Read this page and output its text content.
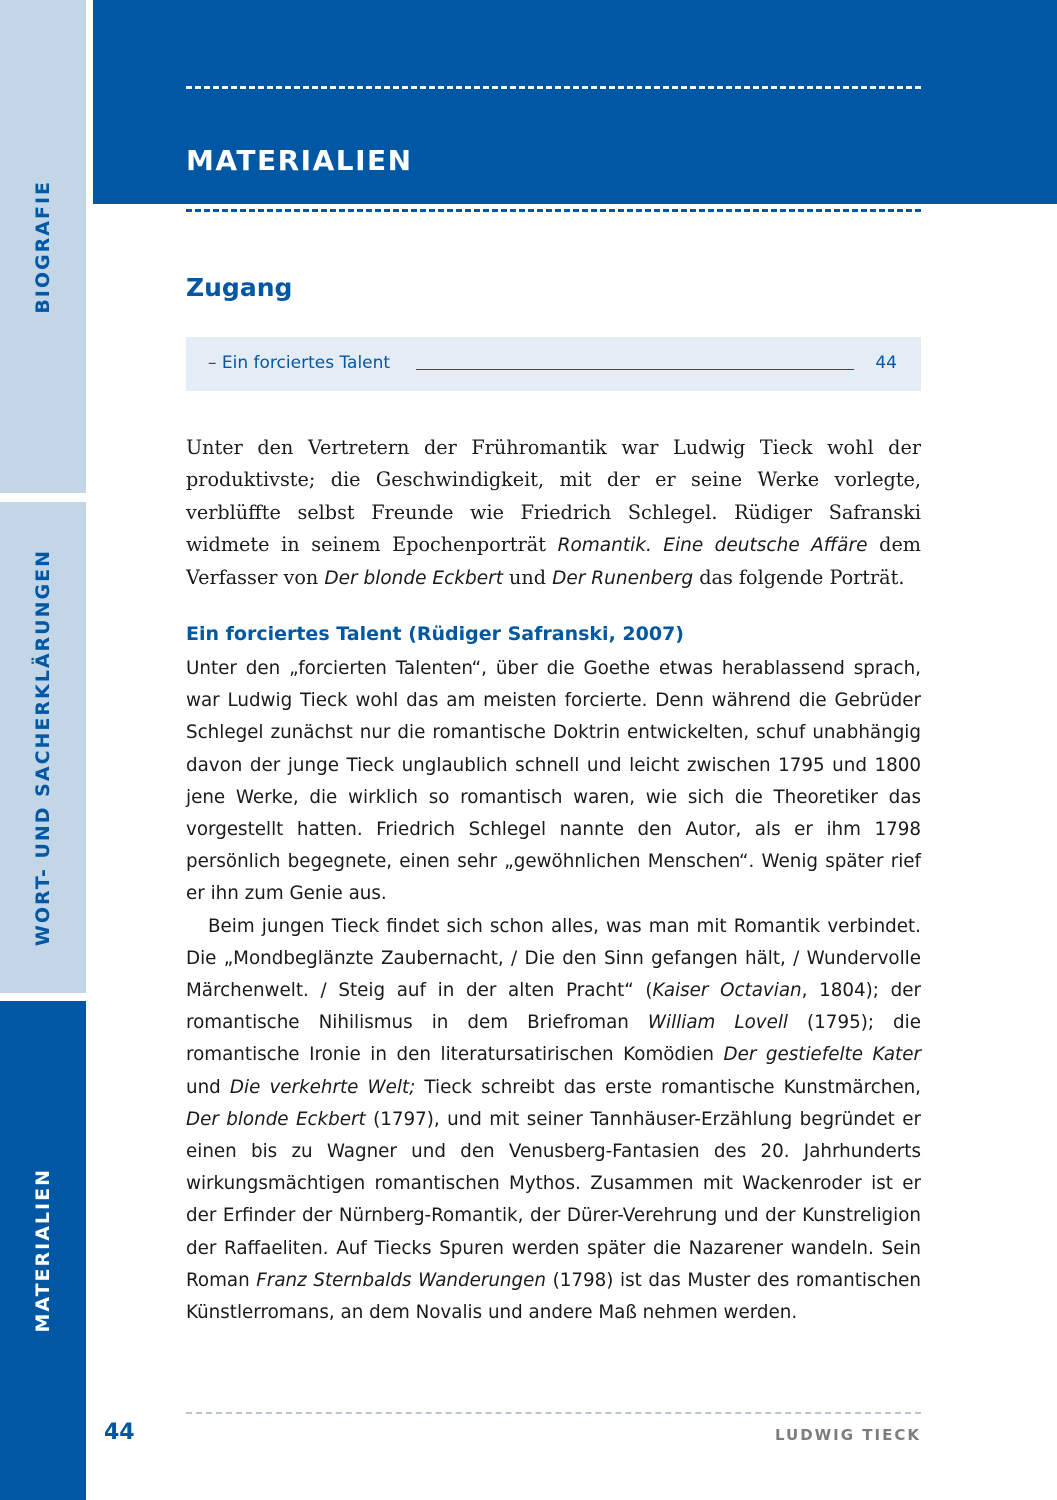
BIOGRAFIE
WORT- UND SACHERKLÄRUNGEN
MATERIALIEN
MATERIALIEN
Zugang
– Ein forciertes Talent	44
Unter den Vertretern der Frühromantik war Ludwig Tieck wohl der produktivste; die Geschwindigkeit, mit der er seine Werke vorlegte, verblüffte selbst Freunde wie Friedrich Schlegel. Rüdiger Safranski widmete in seinem Epochenporträt Romantik. Eine deutsche Affäre dem Verfasser von Der blonde Eckbert und Der Runenberg das folgende Porträt.
Ein forciertes Talent (Rüdiger Safranski, 2007)

Unter den „forcierten Talenten“, über die Goethe etwas herablassend sprach, war Ludwig Tieck wohl das am meisten forcierte. Denn während die Gebrüder Schlegel zunächst nur die romantische Doktrin entwickelten, schuf unabhängig davon der junge Tieck unglaublich schnell und leicht zwischen 1795 und 1800 jene Werke, die wirklich so romantisch waren, wie sich die Theoretiker das vorgestellt hatten. Friedrich Schlegel nannte den Autor, als er ihm 1798 persönlich begegnete, einen sehr „gewöhnlichen Menschen“. Wenig später rief er ihn zum Genie aus.

Beim jungen Tieck findet sich schon alles, was man mit Romantik verbindet. Die „Mondbeglänzte Zaubernacht, / Die den Sinn gefangen hält, / Wundervolle Märchenwelt. / Steig auf in der alten Pracht“ (Kaiser Octavian, 1804); der romantische Nihilismus in dem Briefroman William Lovell (1795); die romantische Ironie in den literatursatirischen Komödien Der gestiefelte Kater und Die verkehrte Welt; Tieck schreibt das erste romantische Kunstmärchen, Der blonde Eckbert (1797), und mit seiner Tannhäuser-Erzählung begründet er einen bis zu Wagner und den Venusberg-Fantasien des 20. Jahrhunderts wirkungsmächtigen romantischen Mythos. Zusammen mit Wackenroder ist er der Erfinder der Nürnberg-Romantik, der Dürer-Verehrung und der Kunstreligion der Raffaeliten. Auf Tiecks Spuren werden später die Nazarener wandeln. Sein Roman Franz Sternbalds Wanderungen (1798) ist das Muster des romantischen Künstlerromans, an dem Novalis und andere Maß nehmen werden.

44	LUDWIG TIECK
